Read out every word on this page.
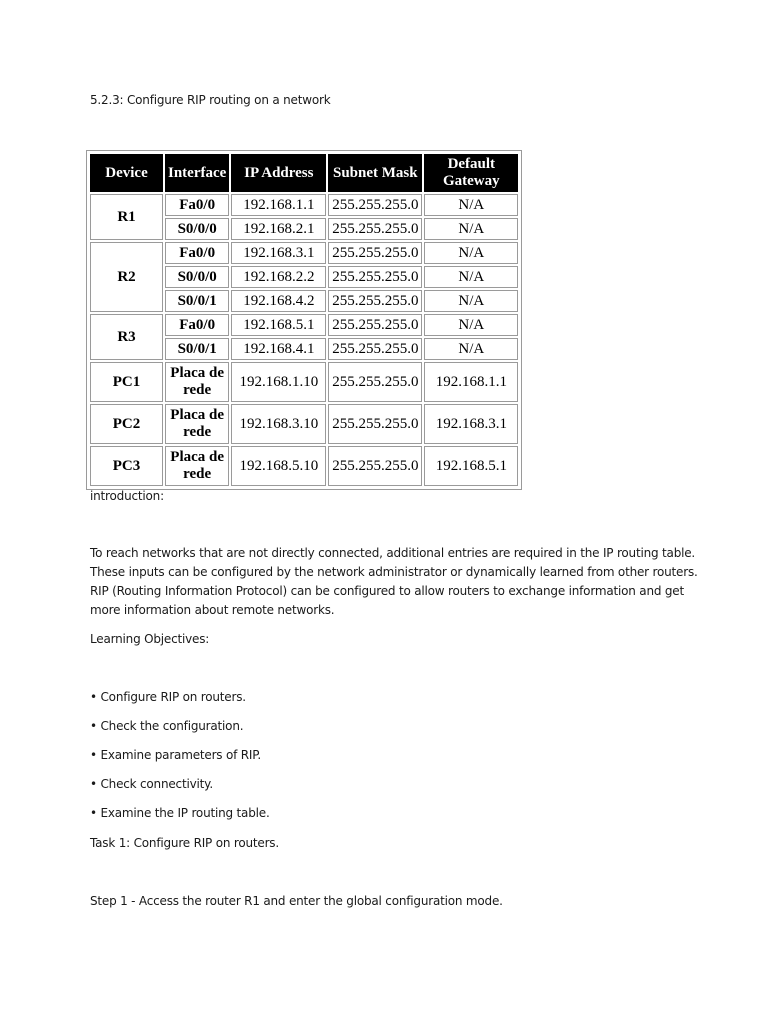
5.2.3: Configure RIP routing on a network
Device	Interface	IP Address	Subnet Mask	Default Gateway
R1	Fa0/0	192.168.1.1	255.255.255.0	N/A
	S0/0/0	192.168.2.1	255.255.255.0	N/A
R2	Fa0/0	192.168.3.1	255.255.255.0	N/A
	S0/0/0	192.168.2.2	255.255.255.0	N/A
	S0/0/1	192.168.4.2	255.255.255.0	N/A
R3	Fa0/0	192.168.5.1	255.255.255.0	N/A
	S0/0/1	192.168.4.1	255.255.255.0	N/A
PC1	Placa de rede	192.168.1.10	255.255.255.0	192.168.1.1
PC2	Placa de rede	192.168.3.10	255.255.255.0	192.168.3.1
PC3	Placa de rede	192.168.5.10	255.255.255.0	192.168.5.1
introduction:
To reach networks that are not directly connected, additional entries are required in the IP routing table.
These inputs can be configured by the network administrator or dynamically learned from other routers.
RIP (Routing Information Protocol) can be configured to allow routers to exchange information and get
more information about remote networks.
Learning Objectives:
• Configure RIP on routers.
• Check the configuration.
• Examine parameters of RIP.
• Check connectivity.
• Examine the IP routing table.
Task 1: Configure RIP on routers.
Step 1 - Access the router R1 and enter the global configuration mode.
